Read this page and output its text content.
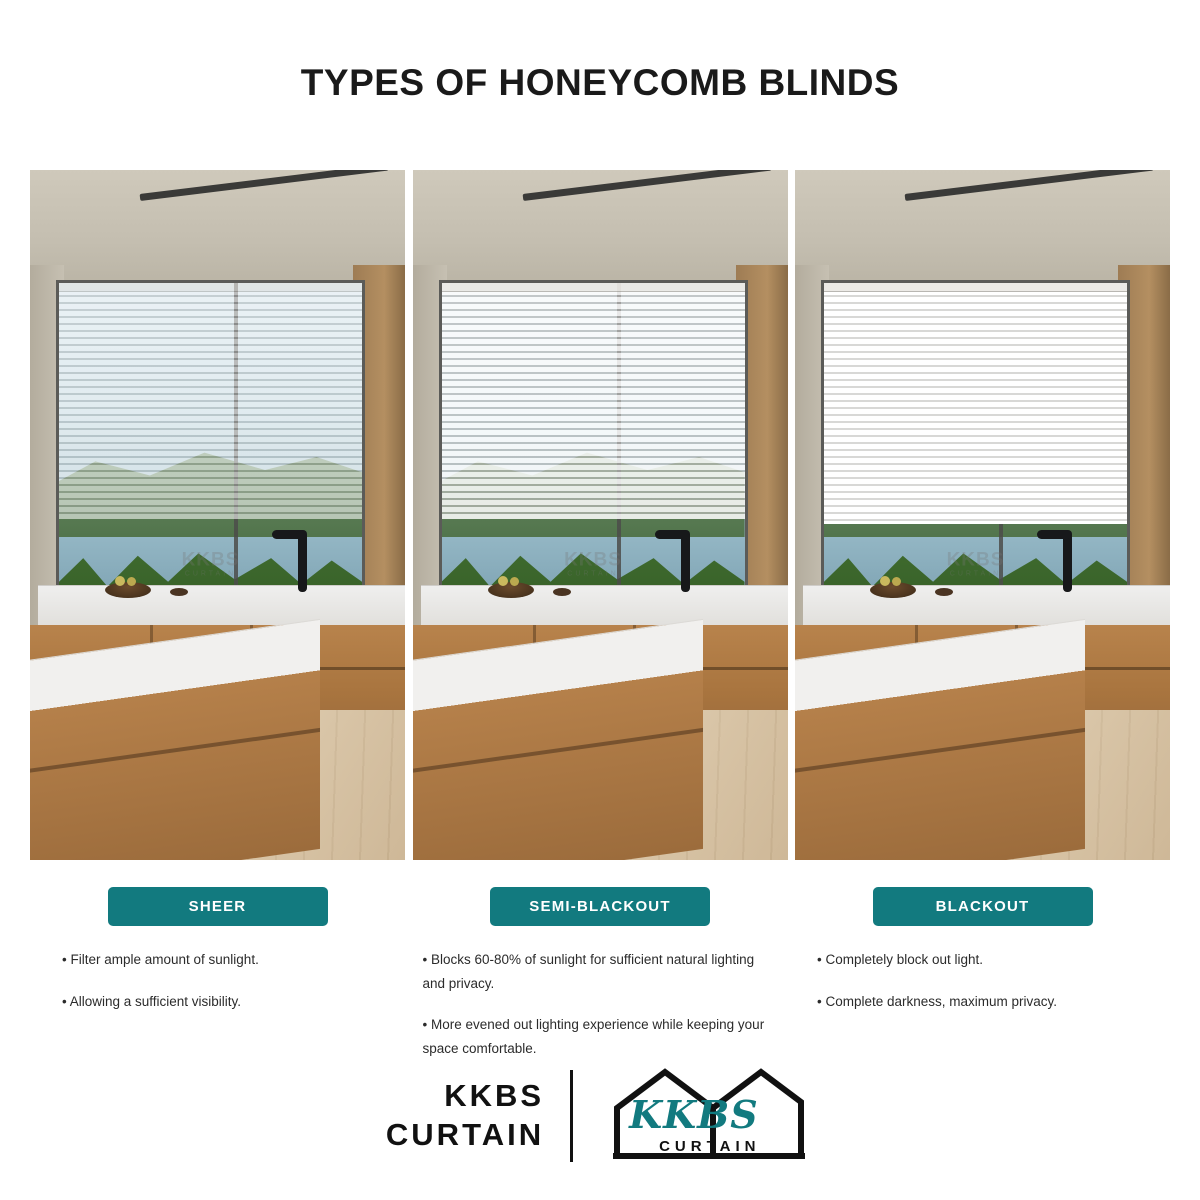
TYPES OF HONEYCOMB BLINDS
KKBS
CURTAIN
SHEER
• Filter ample amount of sunlight.
• Allowing a sufficient visibility.
KKBS
CURTAIN
SEMI-BLACKOUT
• Blocks 60-80% of sunlight for sufficient natural lighting and privacy.
• More evened out lighting experience while keeping your space comfortable.
KKBS
CURTAIN
BLACKOUT
• Completely block out light.
• Complete darkness, maximum privacy.
KKBS
CURTAIN KKBS
CURTAIN
